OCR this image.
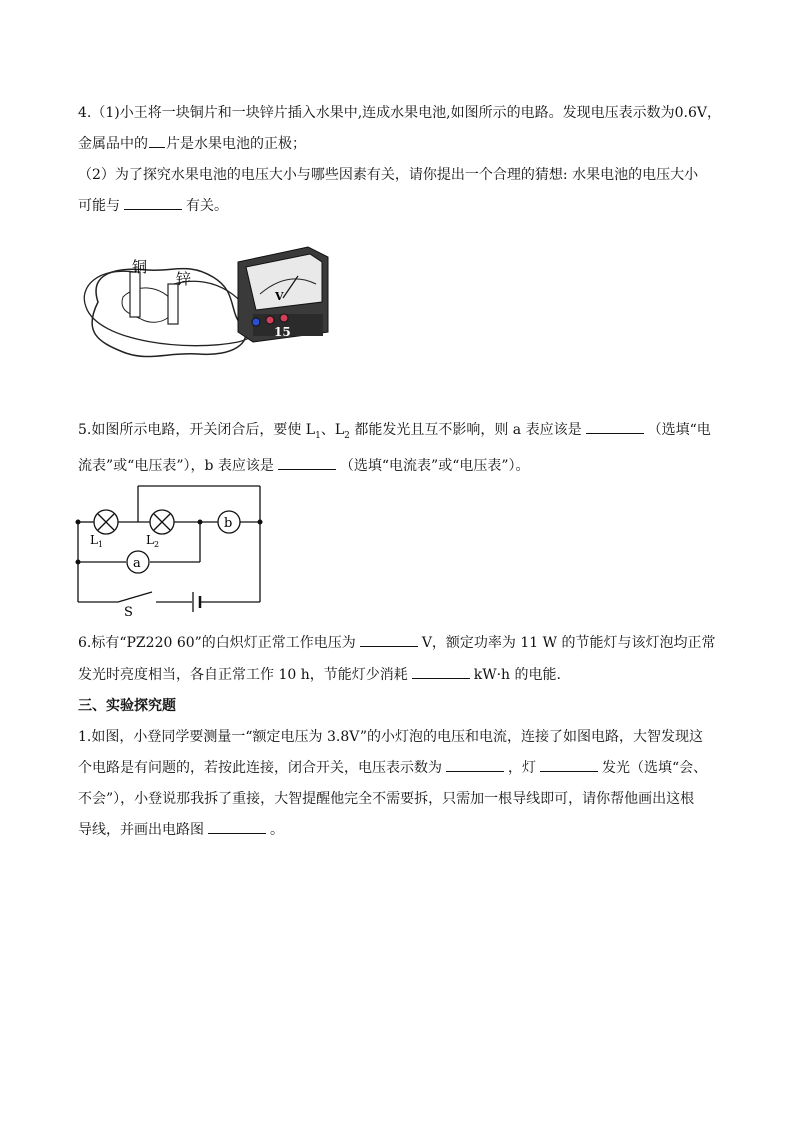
4.（1)小王将一块铜片和一块锌片插入水果中,连成水果电池,如图所示的电路。发现电压表示数为0.6V，
金属品中的 片是水果电池的正极；
（2）为了探究水果电池的电压大小与哪些因素有关，请你提出一个合理的猜想: 水果电池的电压大小
可能与	有关。
铜
锌
V
15
5.如图所示电路，开关闭合后，要使 $L_1$、$L_2$ 都能发光且互不影响，则 a 表应该是	（选填“电
流表”或“电压表”），b 表应该是	（选填“电流表”或“电压表”）。
b
a
$L_1$	$L_2$
S
6.标有“PZ220 60”的白炽灯正常工作电压为	V，额定功率为 11 W 的节能灯与该灯泡均正常
发光时亮度相当，各自正常工作 10 h，节能灯少消耗	kW·h 的电能.
三、实验探究题
1.如图，小登同学要测量一“额定电压为 3.8V”的小灯泡的电压和电流，连接了如图电路，大智发现这
个电路是有问题的，若按此连接，闭合开关，电压表示数为	，灯	发光（选填“会、
不会”），小登说那我拆了重接，大智提醒他完全不需要拆，只需加一根导线即可，请你帮他画出这根
导线，并画出电路图	。
